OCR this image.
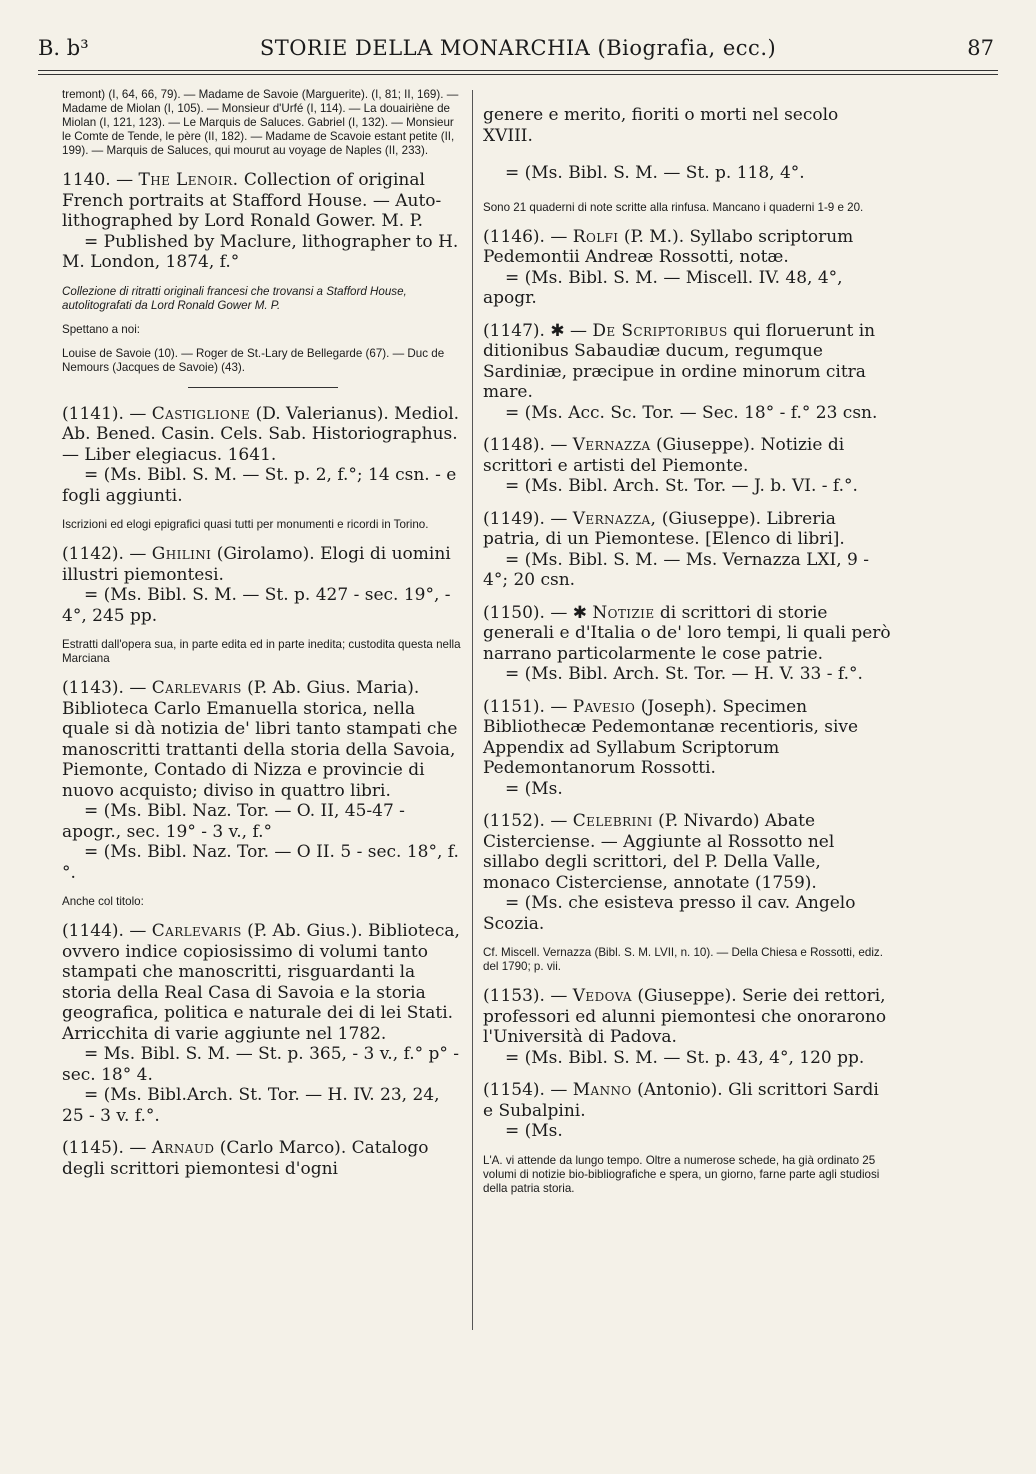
B. b³	STORIE DELLA MONARCHIA (Biografia, ecc.)	87
tremont) (I, 64, 66, 79). — Madame de Savoie (Marguerite). (I, 81; II, 169). — Madame de Miolan (I, 105). — Monsieur d'Urfé (I, 114). — La douairiène de Miolan (I, 121, 123). — Le Marquis de Saluces. Gabriel (I, 132). — Monsieur le Comte de Tende, le père (II, 182). — Madame de Scavoie estant petite (II, 199). — Marquis de Saluces, qui mourut au voyage de Naples (II, 233).

1140. — The Lenoir. Collection of original French portraits at Stafford House. — Auto-lithographed by Lord Ronald Gower. M. P.

= Published by Maclure, lithographer to H. M. London, 1874, f.°

Collezione di ritratti originali francesi che trovansi a Stafford House, autolitografati da Lord Ronald Gower M. P.

Spettano a noi:

Louise de Savoie (10). — Roger de St.-Lary de Bellegarde (67). — Duc de Nemours (Jacques de Savoie) (43).

(1141). — Castiglione (D. Valerianus). Mediol. Ab. Bened. Casin. Cels. Sab. Historiographus. — Liber elegiacus. 1641.

= (Ms. Bibl. S. M. — St. p. 2, f.°; 14 csn. - e fogli aggiunti.

Iscrizioni ed elogi epigrafici quasi tutti per monumenti e ricordi in Torino.

(1142). — Ghilini (Girolamo). Elogi di uomini illustri piemontesi.

= (Ms. Bibl. S. M. — St. p. 427 - sec. 19°, - 4°, 245 pp.

Estratti dall'opera sua, in parte edita ed in parte inedita; custodita questa nella Marciana

(1143). — Carlevaris (P. Ab. Gius. Maria). Biblioteca Carlo Emanuella storica, nella quale si dà notizia de' libri tanto stampati che manoscritti trattanti della storia della Savoia, Piemonte, Contado di Nizza e provincie di nuovo acquisto; diviso in quattro libri.

= (Ms. Bibl. Naz. Tor. — O. II, 45-47 - apogr., sec. 19° - 3 v., f.°

= (Ms. Bibl. Naz. Tor. — O II. 5 - sec. 18°, f.°.

Anche col titolo:

(1144). — Carlevaris (P. Ab. Gius.). Biblioteca, ovvero indice copiosissimo di volumi tanto stampati che manoscritti, risguardanti la storia della Real Casa di Savoia e la storia geografica, politica e naturale dei di lei Stati. Arricchita di varie aggiunte nel 1782.

= Ms. Bibl. S. M. — St. p. 365, - 3 v., f.° p° - sec. 18° 4.

= (Ms. Bibl.Arch. St. Tor. — H. IV. 23, 24, 25 - 3 v. f.°.

(1145). — Arnaud (Carlo Marco). Catalogo degli scrittori piemontesi d'ogni

genere e merito, fioriti o morti nel secolo XVIII.

= (Ms. Bibl. S. M. — St. p. 118, 4°.

Sono 21 quaderni di note scritte alla rinfusa. Mancano i quaderni 1-9 e 20.

(1146). — Rolfi (P. M.). Syllabo scriptorum Pedemontii Andreæ Rossotti, notæ.

= (Ms. Bibl. S. M. — Miscell. IV. 48, 4°, apogr.

(1147). ✱ — De Scriptoribus qui floruerunt in ditionibus Sabaudiæ ducum, regumque Sardiniæ, præcipue in ordine minorum citra mare.

= (Ms. Acc. Sc. Tor. — Sec. 18° - f.° 23 csn.

(1148). — Vernazza (Giuseppe). Notizie di scrittori e artisti del Piemonte.

= (Ms. Bibl. Arch. St. Tor. — J. b. VI. - f.°.

(1149). — Vernazza, (Giuseppe). Libreria patria, di un Piemontese. [Elenco di libri].

= (Ms. Bibl. S. M. — Ms. Vernazza LXI, 9 - 4°; 20 csn.

(1150). — ✱ Notizie di scrittori di storie generali e d'Italia o de' loro tempi, li quali però narrano particolarmente le cose patrie.

= (Ms. Bibl. Arch. St. Tor. — H. V. 33 - f.°.

(1151). — Pavesio (Joseph). Specimen Bibliothecæ Pedemontanæ recentioris, sive Appendix ad Syllabum Scriptorum Pedemontanorum Rossotti.

= (Ms.

(1152). — Celebrini (P. Nivardo) Abate Cisterciense. — Aggiunte al Rossotto nel sillabo degli scrittori, del P. Della Valle, monaco Cisterciense, annotate (1759).

= (Ms. che esisteva presso il cav. Angelo Scozia.

Cf. Miscell. Vernazza (Bibl. S. M. LVII, n. 10). — Della Chiesa e Rossotti, ediz. del 1790; p. vii.

(1153). — Vedova (Giuseppe). Serie dei rettori, professori ed alunni piemontesi che onorarono l'Università di Padova.

= (Ms. Bibl. S. M. — St. p. 43, 4°, 120 pp.

(1154). — Manno (Antonio). Gli scrittori Sardi e Subalpini.

= (Ms.

L'A. vi attende da lungo tempo. Oltre a numerose schede, ha già ordinato 25 volumi di notizie bio-bibliografiche e spera, un giorno, farne parte agli studiosi della patria storia.
